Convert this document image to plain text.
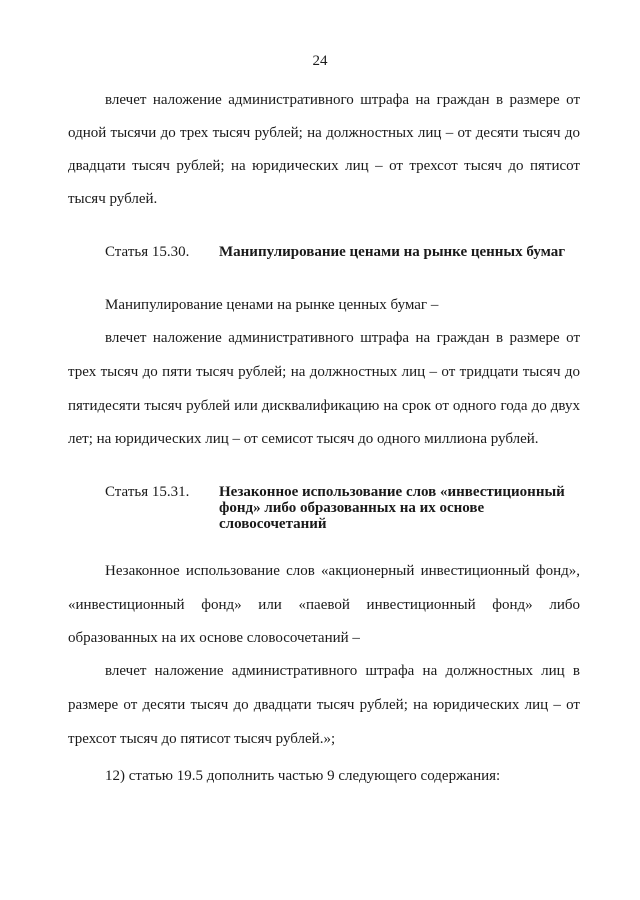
24
влечет наложение административного штрафа на граждан в размере от
одной тысячи до трех тысяч рублей; на должностных лиц – от десяти тысяч до
двадцати тысяч рублей; на юридических лиц – от трехсот тысяч до пятисот
тысяч рублей.
Статья 15.30. Манипулирование ценами на рынке ценных бумаг
Манипулирование ценами на рынке ценных бумаг –
влечет наложение административного штрафа на граждан в размере от
трех тысяч до пяти тысяч рублей; на должностных лиц – от тридцати тысяч до
пятидесяти тысяч рублей или дисквалификацию на срок от одного года до двух
лет; на юридических лиц – от семисот тысяч до одного миллиона рублей.
Статья 15.31. Незаконное использование слов «инвестиционный
фонд» либо образованных на их основе
словосочетаний
Незаконное использование слов «акционерный инвестиционный фонд»,
«инвестиционный   фонд»   или   «паевой   инвестиционный   фонд»   либо
образованных на их основе словосочетаний –
влечет наложение административного штрафа на должностных лиц в
размере от десяти тысяч до двадцати тысяч рублей; на юридических лиц – от
трехсот тысяч до пятисот тысяч рублей.»;
12) статью 19.5 дополнить частью 9 следующего содержания:
